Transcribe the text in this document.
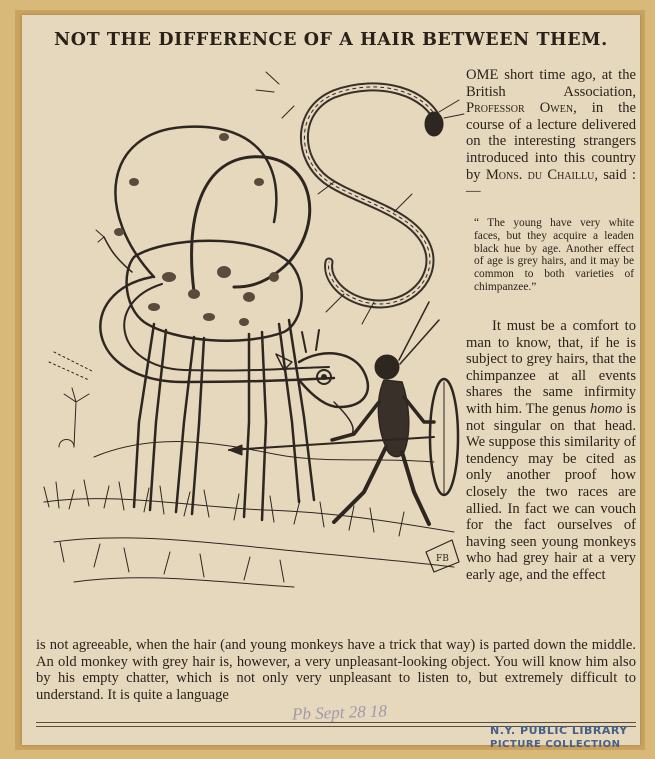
NOT THE DIFFERENCE OF A HAIR BETWEEN THEM.
FB
OME short time ago, at the British Association, Professor Owen, in the course of a lecture delivered on the interesting strangers introduced into this country by Mons. du Chaillu, said :—
“ The young have very white faces, but they acquire a leaden black hue by age. Another effect of age is grey hairs, and it may be common to both varieties of chimpanzee.”
It must be a comfort to man to know, that, if he is subject to grey hairs, that the chimpanzee at all events shares the same infirmity with him. The genus homo is not singular on that head. We suppose this similarity of tendency may be cited as only another proof how closely the two races are allied. In fact we can vouch for the fact ourselves of having seen young monkeys who had grey hair at a very early age, and the effect
is not agreeable, when the hair (and young monkeys have a trick that way) is parted down the middle. An old monkey with grey hair is, however, a very unpleasant-looking object. You will know him also by his empty chatter, which is not only very unpleasant to listen to, but extremely difficult to understand. It is quite a language
Pb Sept 28 18
N.Y. PUBLIC LIBRARY
PICTURE COLLECTION
